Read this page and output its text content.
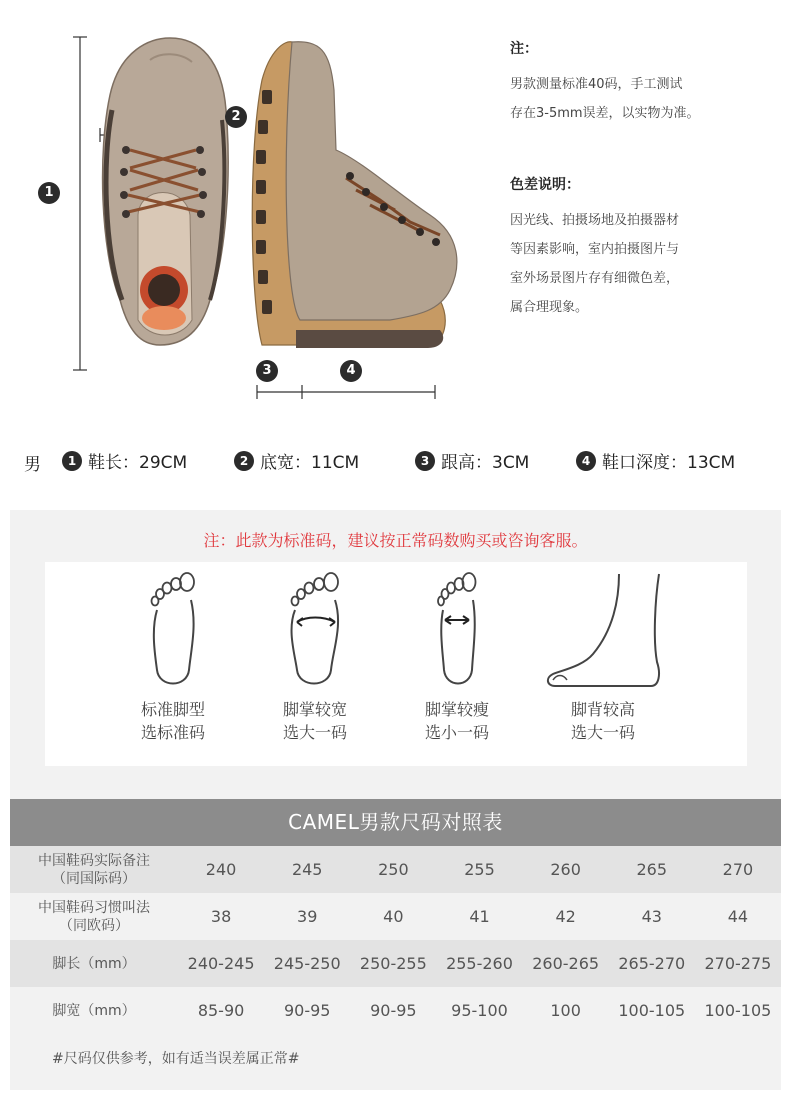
1
2
3	4
注：
男款测量标准40码，手工测试
存在3-5mm误差，以实物为准。
色差说明：
因光线、拍摄场地及拍摄器材
等因素影响，室内拍摄图片与
室外场景图片存有细微色差，
属合理现象。
男	1 鞋长：29CM	2 底宽：11CM	3 跟高：3CM	4 鞋口深度：13CM
注：此款为标准码，建议按正常码数购买或咨询客服。
标准脚型
选标准码
脚掌较宽
选大一码
脚掌较瘦
选小一码
脚背较高
选大一码
CAMEL男款尺码对照表
中国鞋码实际备注
（同国际码）	240	245	250	255	260	265	270

中国鞋码习惯叫法
（同欧码）	38	39	40	41	42	43	44

脚长（mm）	240-245	245-250	250-255	255-260	260-265	265-270	270-275

脚宽（mm）	85-90	90-95	90-95	95-100	100	100-105	100-105
#尺码仅供参考，如有适当误差属正常#
